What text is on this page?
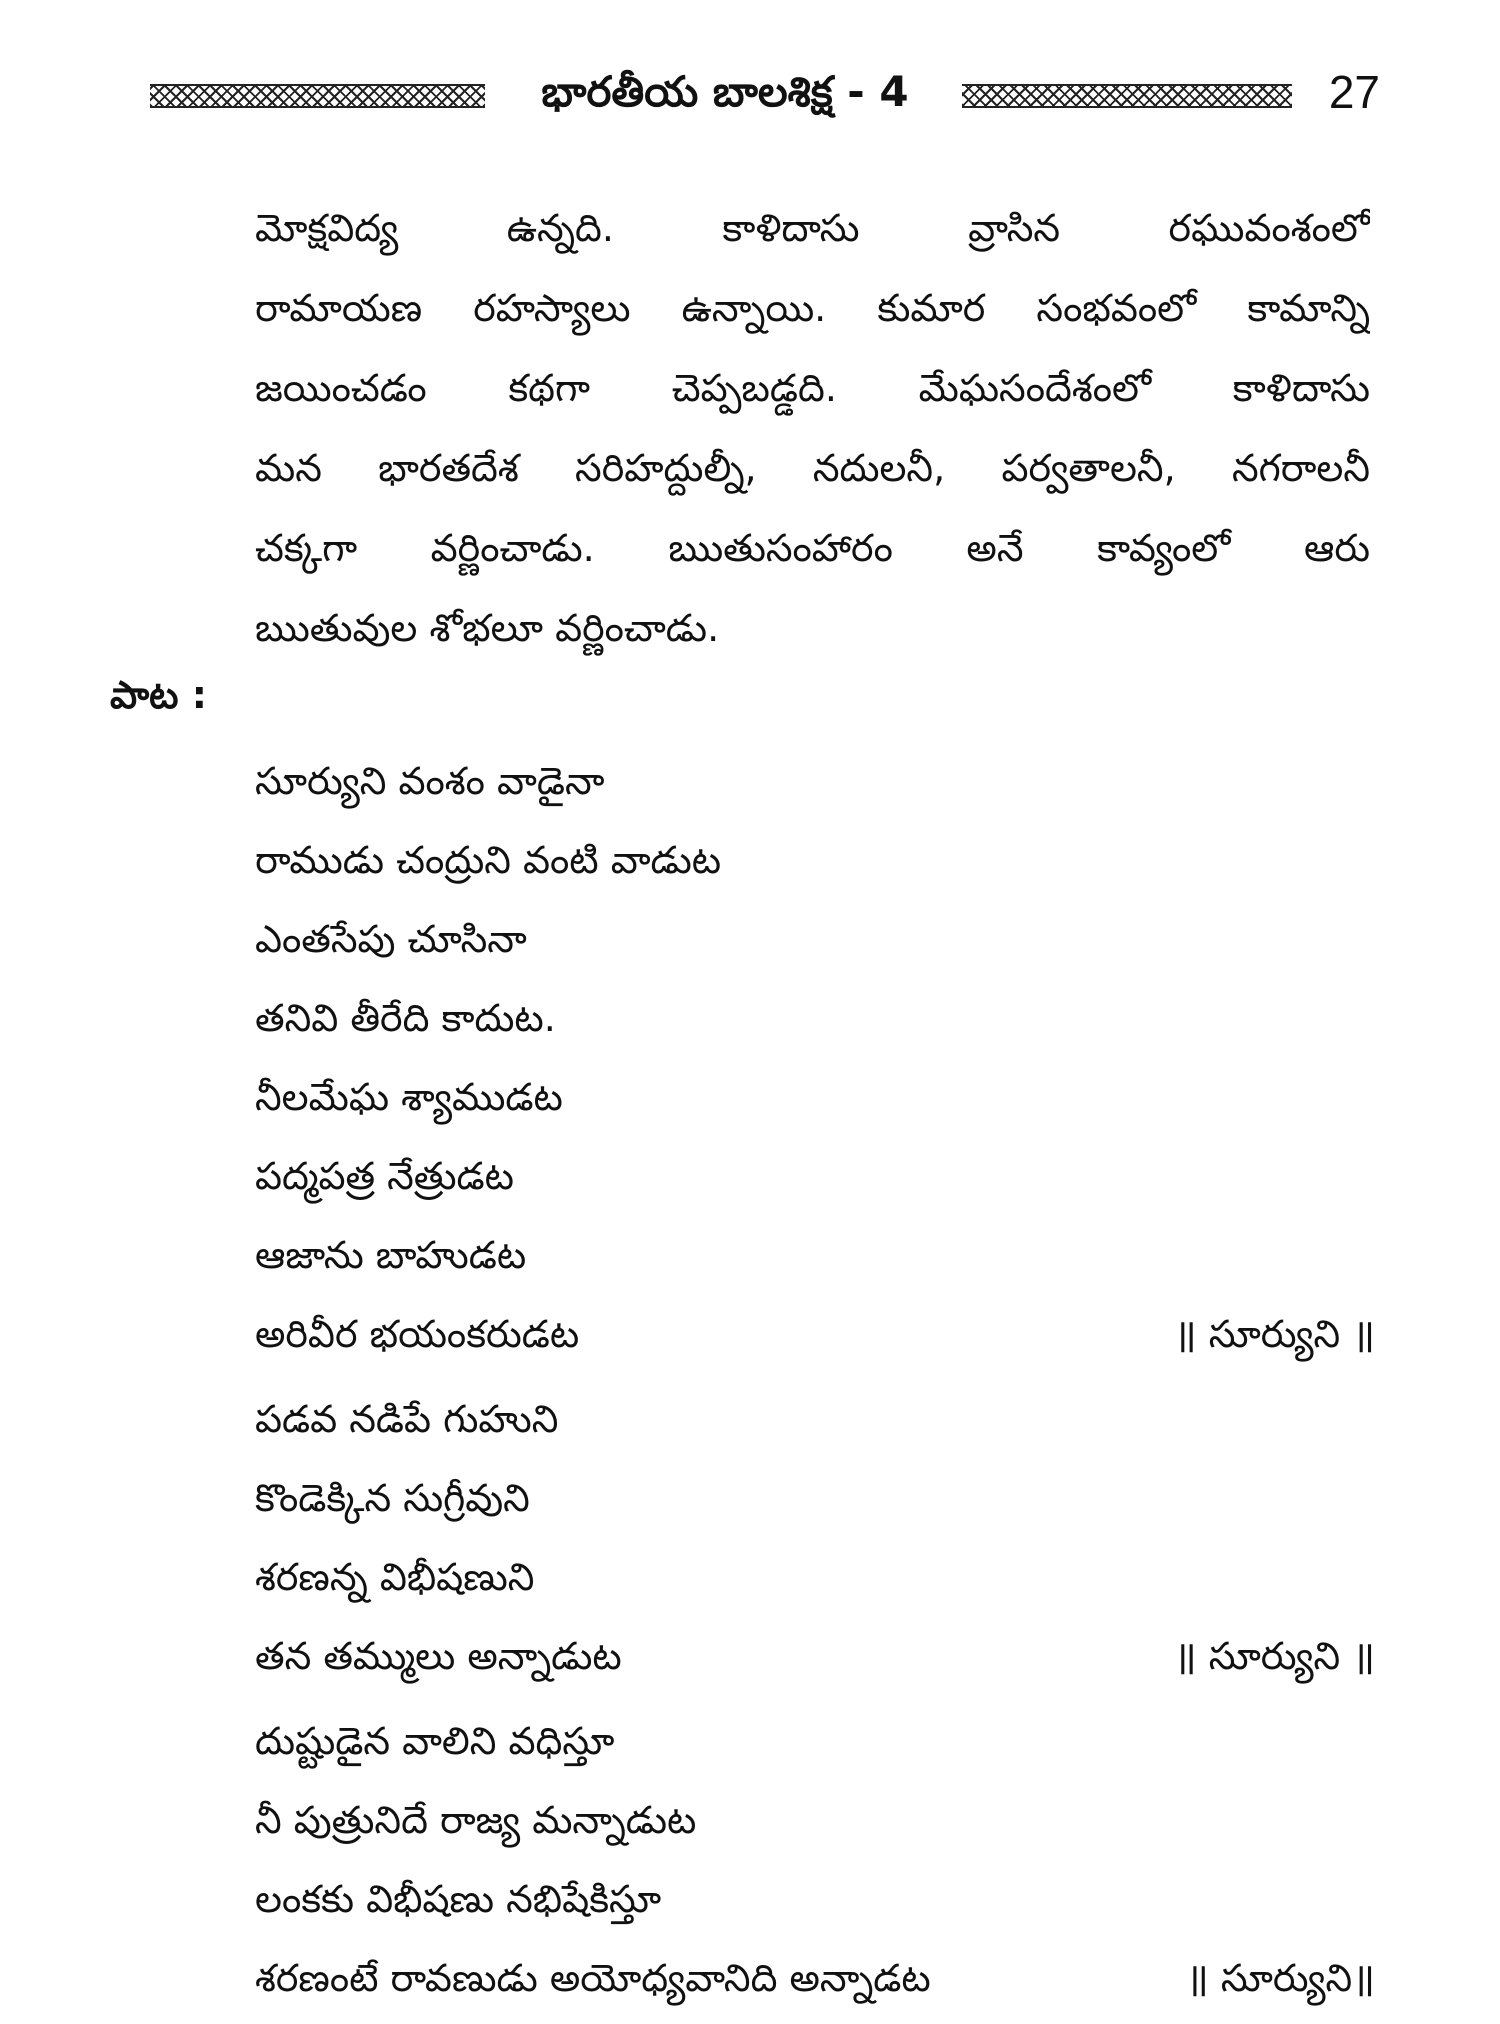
భారతీయ బాలశిక్ష - 4	27
మోక్షవిద్య ఉన్నది. కాళిదాసు వ్రాసిన రఘువంశంలో
రామాయణ రహస్యాలు ఉన్నాయి. కుమార సంభవంలో కామాన్ని
జయించడం కథగా చెప్పబడ్డది. మేఘసందేశంలో కాళిదాసు
మన భారతదేశ సరిహద్దుల్నీ, నదులనీ, పర్వతాలనీ, నగరాలనీ
చక్కగా వర్ణించాడు. ఋతుసంహారం అనే కావ్యంలో ఆరు
ఋతువుల శోభలూ వర్ణించాడు.
పాట :
సూర్యుని వంశం వాడైనా
రాముడు చంద్రుని వంటి వాడుట
ఎంతసేపు చూసినా
తనివి తీరేది కాదుట.
నీలమేఘ శ్యాముడట
పద్మపత్ర నేత్రుడట
ఆజాను బాహుడట
అరివీర భయంకరుడట	॥ సూర్యుని ॥
పడవ నడిపే గుహుని
కొండెక్కిన సుగ్రీవుని
శరణన్న విభీషణుని
తన తమ్ములు అన్నాడుట	॥ సూర్యుని ॥
దుష్టుడైన వాలిని వధిస్తూ
నీ పుత్రునిదే రాజ్య మన్నాడుట
లంకకు విభీషణు నభిషేకిస్తూ
శరణంటే రావణుడు అయోధ్యవానిది అన్నాడట	॥ సూర్యుని॥
